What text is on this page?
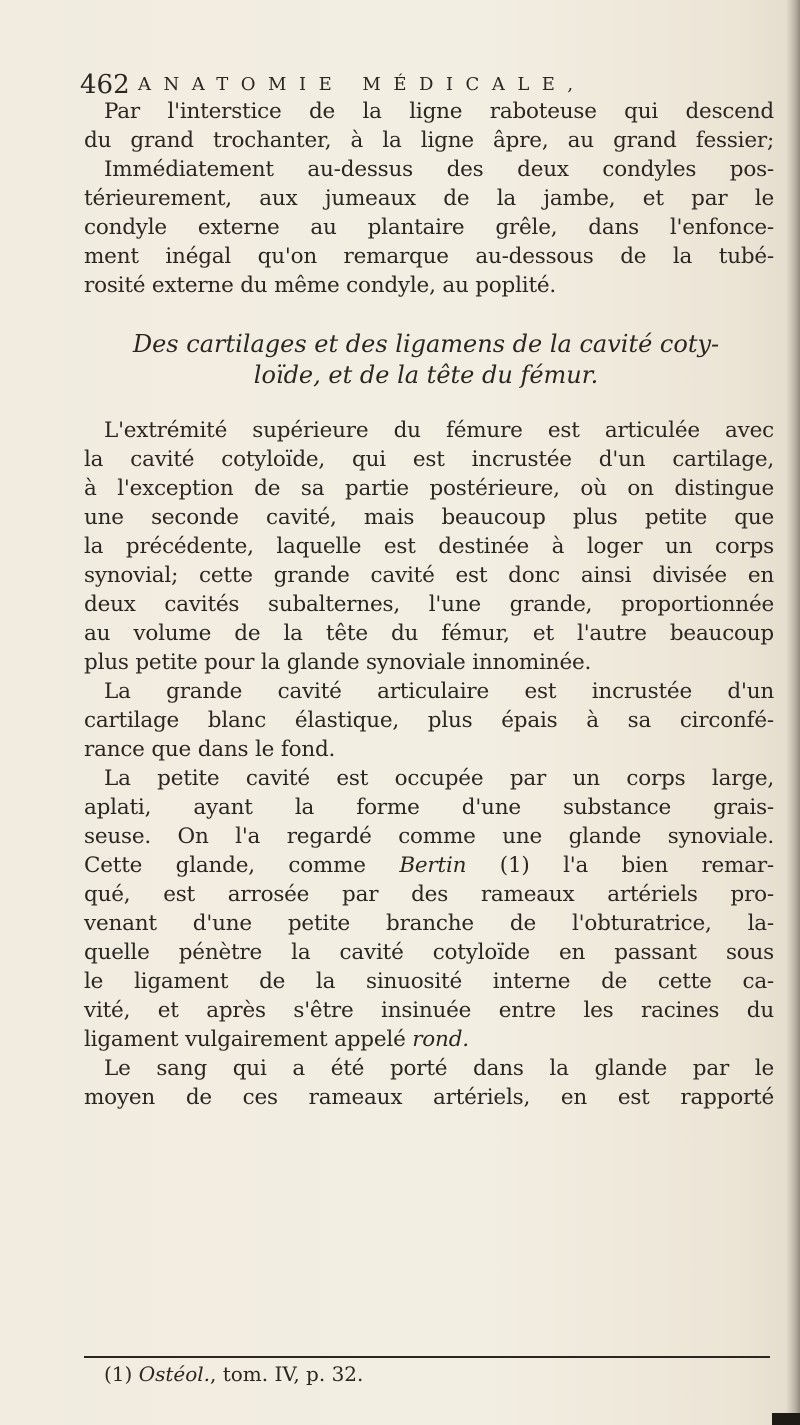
462 ANATOMIE MÉDICALE,
Par l'interstice de la ligne raboteuse qui descend
du grand trochanter, à la ligne âpre, au grand fessier;
Immédiatement au-dessus des deux condyles pos-
térieurement, aux jumeaux de la jambe, et par le
condyle externe au plantaire grêle, dans l'enfonce-
ment inégal qu'on remarque au-dessous de la tubé-
rosité externe du même condyle, au poplité.
Des cartilages et des ligamens de la cavité coty-
loïde, et de la tête du fémur.
L'extrémité supérieure du fémure est articulée avec
la cavité cotyloïde, qui est incrustée d'un cartilage,
à l'exception de sa partie postérieure, où on distingue
une seconde cavité, mais beaucoup plus petite que
la précédente, laquelle est destinée à loger un corps
synovial; cette grande cavité est donc ainsi divisée en
deux cavités subalternes, l'une grande, proportionnée
au volume de la tête du fémur, et l'autre beaucoup
plus petite pour la glande synoviale innominée.
La grande cavité articulaire est incrustée d'un
cartilage blanc élastique, plus épais à sa circonfé-
rance que dans le fond.
La petite cavité est occupée par un corps large,
aplati, ayant la forme d'une substance grais-
seuse. On l'a regardé comme une glande synoviale.
Cette glande, comme Bertin (1) l'a bien remar-
qué, est arrosée par des rameaux artériels pro-
venant d'une petite branche de l'obturatrice, la-
quelle pénètre la cavité cotyloïde en passant sous
le ligament de la sinuosité interne de cette ca-
vité, et après s'être insinuée entre les racines du
ligament vulgairement appelé rond.
Le sang qui a été porté dans la glande par le
moyen de ces rameaux artériels, en est rapporté
(1) Ostéol., tom. IV, p. 32.
